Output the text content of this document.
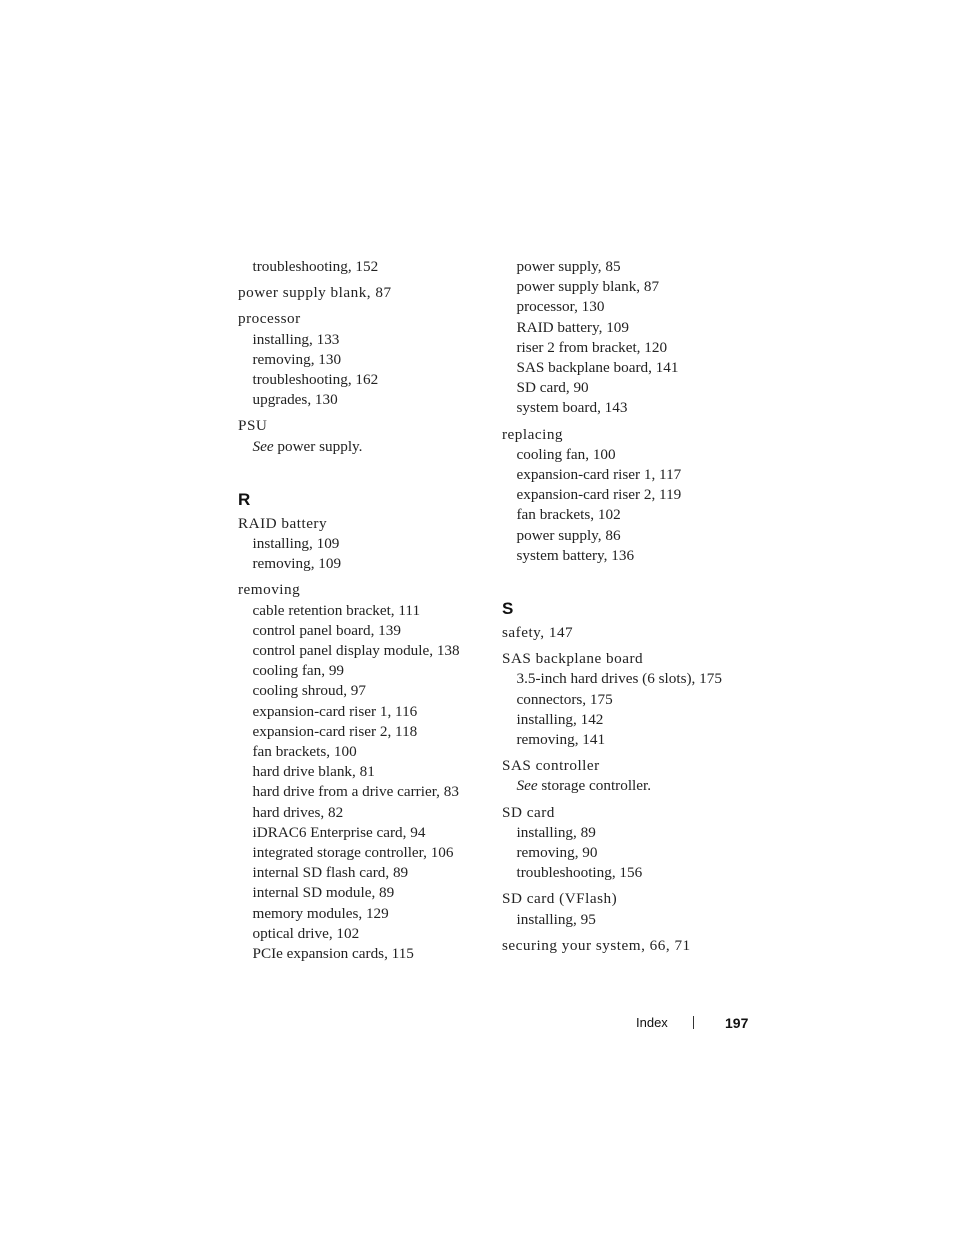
troubleshooting, 152
power supply blank, 87
processor
installing, 133
removing, 130
troubleshooting, 162
upgrades, 130
PSU
See power supply.
R
RAID battery
installing, 109
removing, 109
removing
cable retention bracket, 111
control panel board, 139
control panel display module, 138
cooling fan, 99
cooling shroud, 97
expansion-card riser 1, 116
expansion-card riser 2, 118
fan brackets, 100
hard drive blank, 81
hard drive from a drive carrier, 83
hard drives, 82
iDRAC6 Enterprise card, 94
integrated storage controller, 106
internal SD flash card, 89
internal SD module, 89
memory modules, 129
optical drive, 102
PCIe expansion cards, 115
power supply, 85
power supply blank, 87
processor, 130
RAID battery, 109
riser 2 from bracket, 120
SAS backplane board, 141
SD card, 90
system board, 143
replacing
cooling fan, 100
expansion-card riser 1, 117
expansion-card riser 2, 119
fan brackets, 102
power supply, 86
system battery, 136
S
safety, 147
SAS backplane board
3.5-inch hard drives (6 slots), 175
connectors, 175
installing, 142
removing, 141
SAS controller
See storage controller.
SD card
installing, 89
removing, 90
troubleshooting, 156
SD card (VFlash)
installing, 95
securing your system, 66, 71
Index	197
